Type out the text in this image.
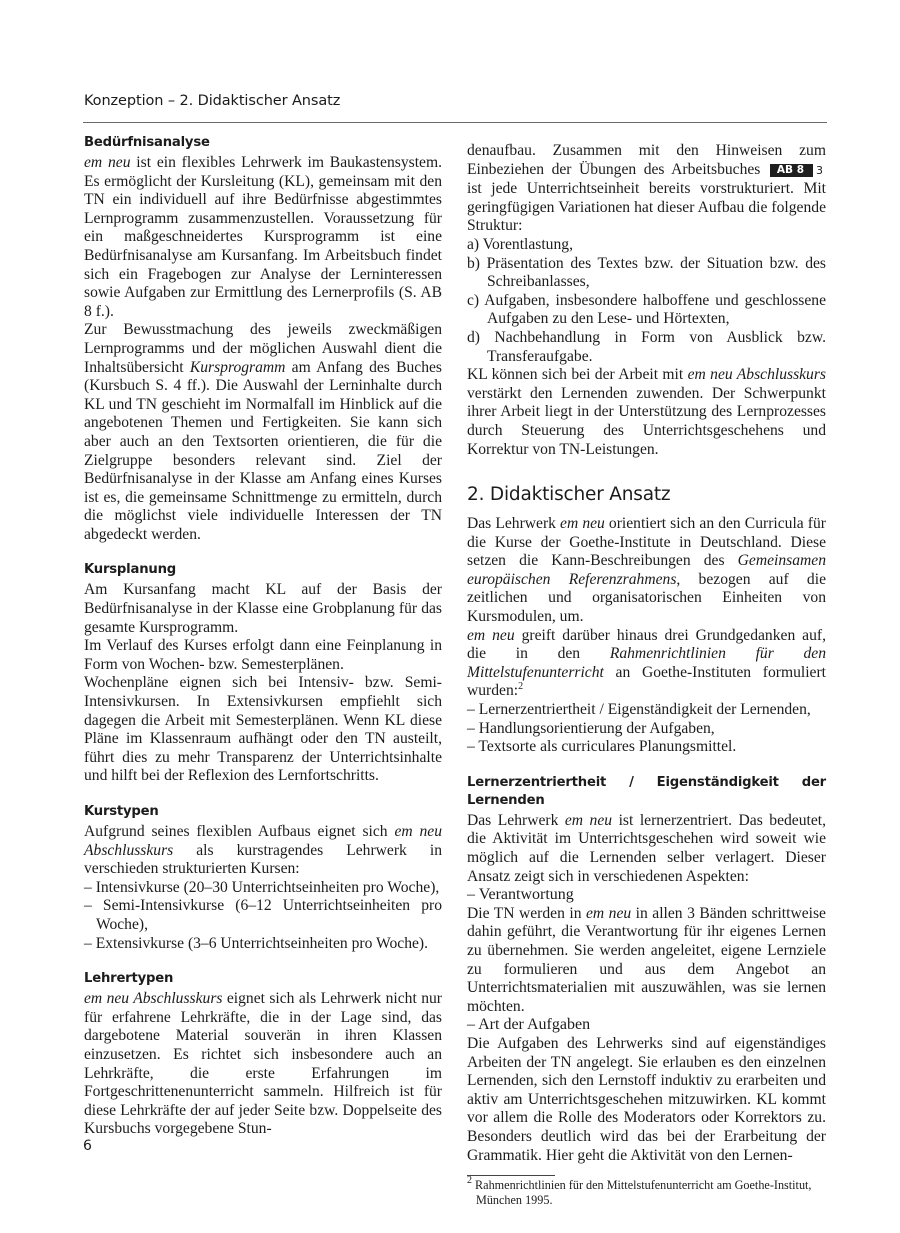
Konzeption – 2. Didaktischer Ansatz
Bedürfnisanalyse

em neu ist ein flexibles Lehrwerk im Baukastensystem. Es ermöglicht der Kursleitung (KL), gemeinsam mit den TN ein individuell auf ihre Bedürfnisse abgestimmtes Lernprogramm zusammenzustellen. Voraussetzung für ein maßgeschneidertes Kursprogramm ist eine Bedürfnisanalyse am Kursanfang. Im Arbeitsbuch findet sich ein Fragebogen zur Analyse der Lerninteressen sowie Aufgaben zur Ermittlung des Lernerprofils (S. AB 8 f.).

Zur Bewusstmachung des jeweils zweckmäßigen Lernprogramms und der möglichen Auswahl dient die Inhaltsübersicht Kursprogramm am Anfang des Buches (Kursbuch S. 4 ff.). Die Auswahl der Lerninhalte durch KL und TN geschieht im Normalfall im Hinblick auf die angebotenen Themen und Fertigkeiten. Sie kann sich aber auch an den Textsorten orientieren, die für die Zielgruppe besonders relevant sind. Ziel der Bedürfnisanalyse in der Klasse am Anfang eines Kurses ist es, die gemeinsame Schnittmenge zu ermitteln, durch die möglichst viele individuelle Interessen der TN abgedeckt werden.

Kursplanung

Am Kursanfang macht KL auf der Basis der Bedürfnisanalyse in der Klasse eine Grobplanung für das gesamte Kursprogramm.

Im Verlauf des Kurses erfolgt dann eine Feinplanung in Form von Wochen- bzw. Semesterplänen.

Wochenpläne eignen sich bei Intensiv- bzw. Semi-Intensivkursen. In Extensivkursen empfiehlt sich dagegen die Arbeit mit Semesterplänen. Wenn KL diese Pläne im Klassenraum aufhängt oder den TN austeilt, führt dies zu mehr Transparenz der Unterrichtsinhalte und hilft bei der Reflexion des Lernfortschritts.

Kurstypen

Aufgrund seines flexiblen Aufbaus eignet sich em neu Abschlusskurs als kurstragendes Lehrwerk in verschieden strukturierten Kursen:

– Intensivkurse (20–30 Unterrichtseinheiten pro Woche),
– Semi-Intensivkurse (6–12 Unterrichtseinheiten pro Woche),
– Extensivkurse (3–6 Unterrichtseinheiten pro Woche).
Lehrertypen

em neu Abschlusskurs eignet sich als Lehrwerk nicht nur für erfahrene Lehrkräfte, die in der Lage sind, das dargebotene Material souverän in ihren Klassen einzusetzen. Es richtet sich insbesondere auch an Lehrkräfte, die erste Erfahrungen im Fortgeschrittenenunterricht sammeln. Hilfreich ist für diese Lehrkräfte der auf jeder Seite bzw. Doppelseite des Kursbuchs vorgegebene Stun-

denaufbau. Zusammen mit den Hinweisen zum Einbeziehen der Übungen des Arbeitsbuches AB 8 3 ist jede Unterrichtseinheit bereits vorstrukturiert. Mit geringfügigen Variationen hat dieser Aufbau die folgende Struktur:

a) Vorentlastung,
b) Präsentation des Textes bzw. der Situation bzw. des Schreibanlasses,
c) Aufgaben, insbesondere halboffene und geschlossene Aufgaben zu den Lese- und Hörtexten,
d) Nachbehandlung in Form von Ausblick bzw. Transferaufgabe.

KL können sich bei der Arbeit mit em neu Abschlusskurs verstärkt den Lernenden zuwenden. Der Schwerpunkt ihrer Arbeit liegt in der Unterstützung des Lernprozesses durch Steuerung des Unterrichtsgeschehens und Korrektur von TN-Leistungen.

2. Didaktischer Ansatz

Das Lehrwerk em neu orientiert sich an den Curricula für die Kurse der Goethe-Institute in Deutschland. Diese setzen die Kann-Beschreibungen des Gemeinsamen europäischen Referenzrahmens, bezogen auf die zeitlichen und organisatorischen Einheiten von Kursmodulen, um.

em neu greift darüber hinaus drei Grundgedanken auf, die in den Rahmenrichtlinien für den Mittelstufenunterricht an Goethe-Instituten formuliert wurden:$^2$

– Lernerzentriertheit / Eigenständigkeit der Lernenden,
– Handlungsorientierung der Aufgaben,
– Textsorte als curriculares Planungsmittel.
Lernerzentriertheit / Eigenständigkeit der Lernenden

Das Lehrwerk em neu ist lernerzentriert. Das bedeutet, die Aktivität im Unterrichtsgeschehen wird soweit wie möglich auf die Lernenden selber verlagert. Dieser Ansatz zeigt sich in verschiedenen Aspekten:

– Verantwortung

Die TN werden in em neu in allen 3 Bänden schrittweise dahin geführt, die Verantwortung für ihr eigenes Lernen zu übernehmen. Sie werden angeleitet, eigene Lernziele zu formulieren und aus dem Angebot an Unterrichtsmaterialien mit auszuwählen, was sie lernen möchten.

– Art der Aufgaben

Die Aufgaben des Lehrwerks sind auf eigenständiges Arbeiten der TN angelegt. Sie erlauben es den einzelnen Lernenden, sich den Lernstoff induktiv zu erarbeiten und aktiv am Unterrichtsgeschehen mitzuwirken. KL kommt vor allem die Rolle des Moderators oder Korrektors zu. Besonders deutlich wird das bei der Erarbeitung der Grammatik. Hier geht die Aktivität von den Lernen-

$^2$ Rahmenrichtlinien für den Mittelstufenunterricht am Goethe-Institut, München 1995.

6
